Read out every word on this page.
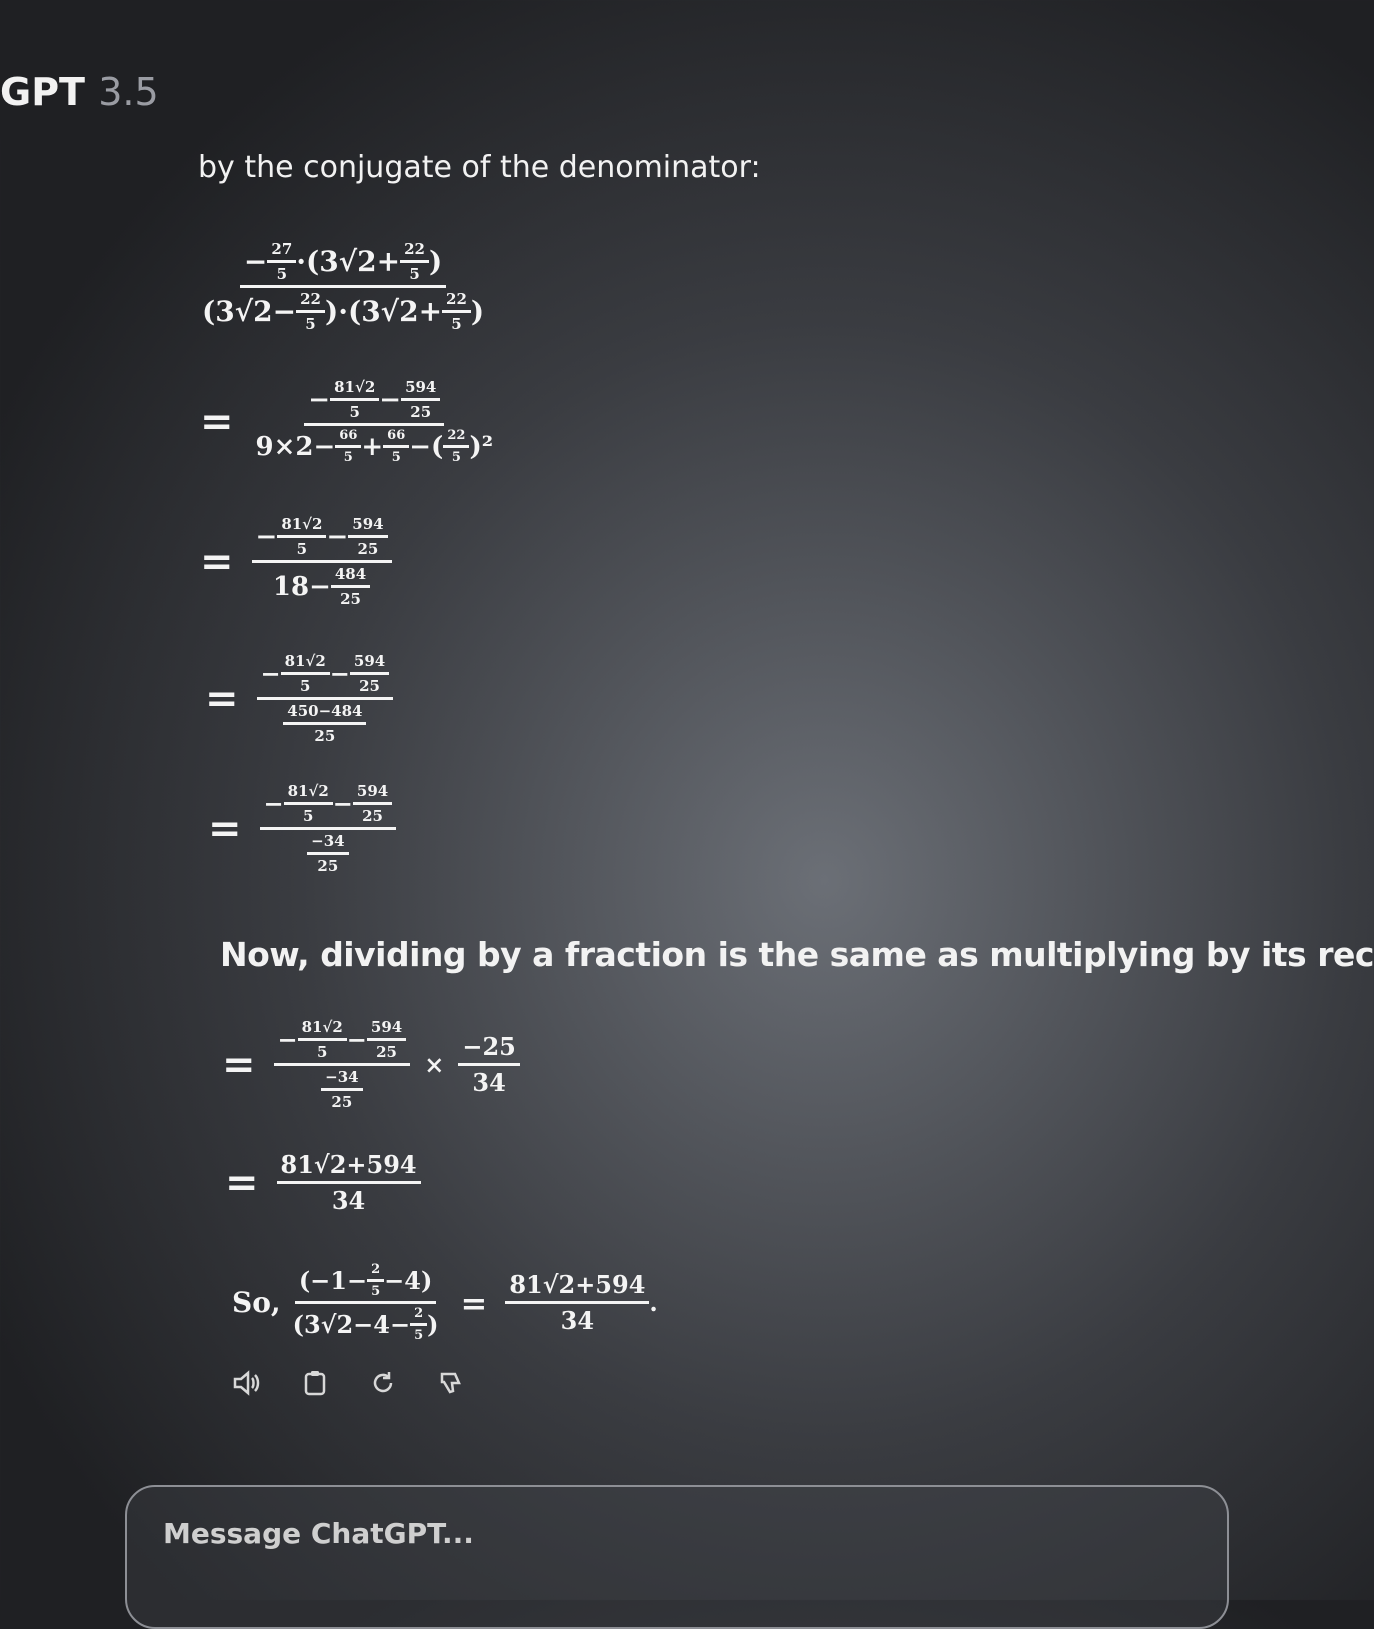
GPT 3.5
by the conjugate of the denominator:
$\frac{- \frac{27}{5} \cdot(3√2+ \frac{22}{5} )}{(3√2- \frac{22}{5} )\cdot(3√2+ \frac{22}{5} )}$
= $\frac{- \frac{81√2}{5} - \frac{594}{25}}{9\times 2- \frac{66}{5} + \frac{66}{5} -( \frac{22}{5} )^2}$
= $\frac{- \frac{81√2}{5} - \frac{594}{25}}{18- \frac{484}{25}}$
= $\frac{- \frac{81√2}{5} - \frac{594}{25}}{\frac{450-484}{25}}$
= $\frac{- \frac{81√2}{5} - \frac{594}{25}}{\frac{-34}{25}}$
Now, dividing by a fraction is the same as multiplying by its rec
= $\frac{- \frac{81√2}{5} - \frac{594}{25}}{\frac{-34}{25}} \times \frac{-25}{34}$
= $\frac{81√2+594}{34}$
So, $\frac{(-1- \frac{2}{5} -4)}{(3√2-4- \frac{2}{5} )} = \frac{81√2+594}{34}$ .
Message ChatGPT...
